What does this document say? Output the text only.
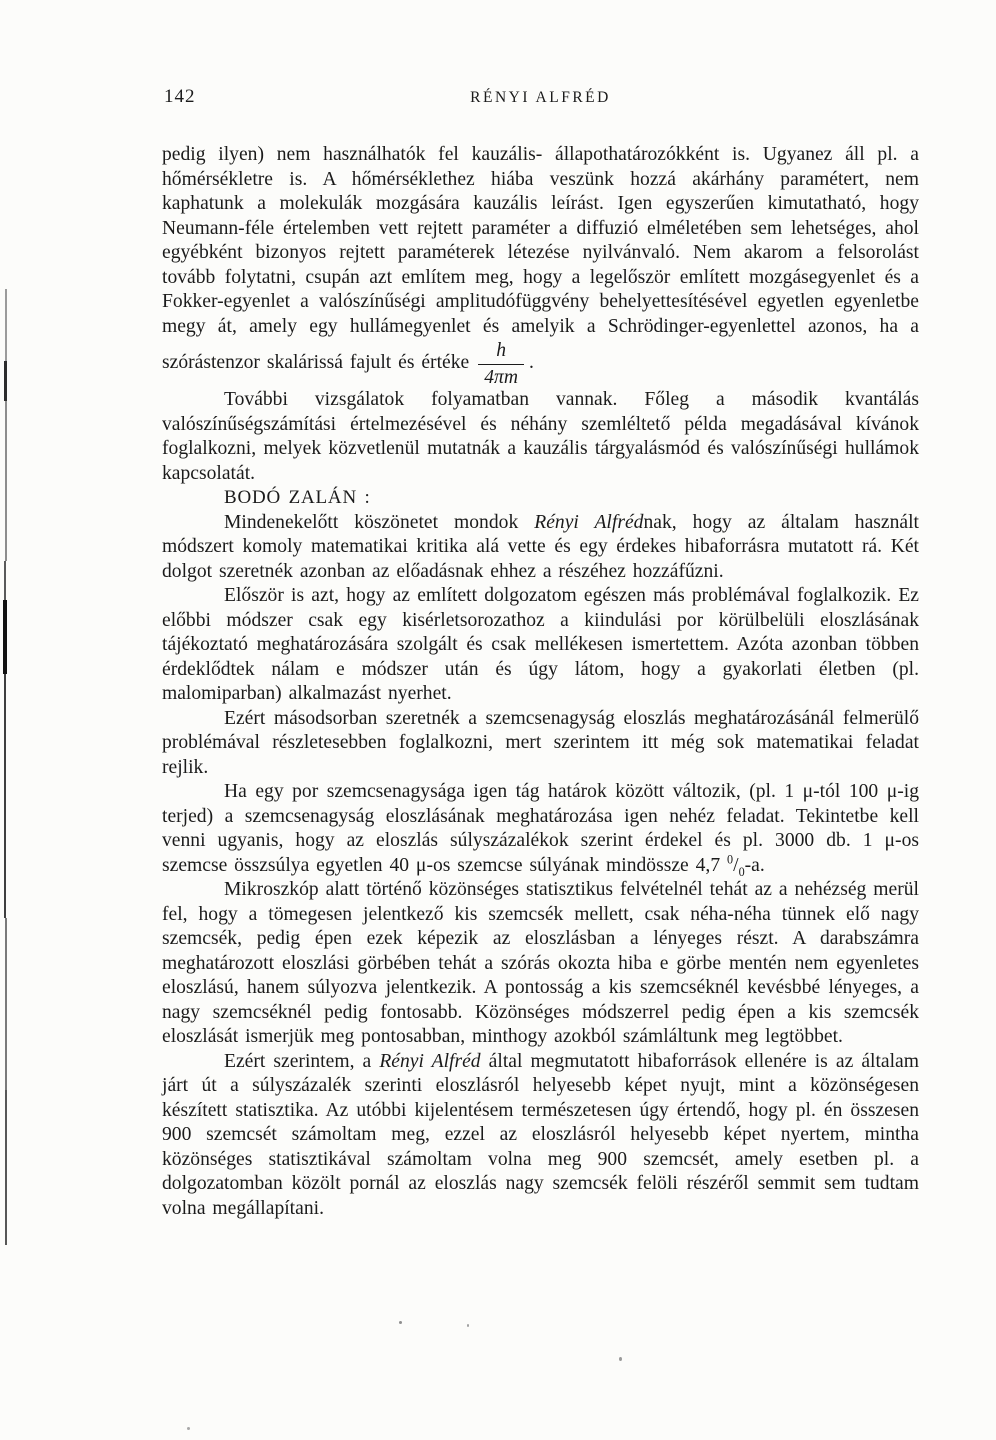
142	RÉNYI ALFRÉD

pedig ilyen) nem használhatók fel kauzális- állapothatározókként is. Ugyanez áll pl. a hőmérsékletre is. A hőmérséklethez hiába veszünk hozzá akárhány paramétert, nem kaphatunk a molekulák mozgására kauzális leírást. Igen egyszerűen kimutatható, hogy Neumann-féle értelemben vett rejtett paraméter a diffuzió elméletében sem lehetséges, ahol egyébként bizonyos rejtett paraméterek létezése nyilvánvaló. Nem akarom a felsorolást tovább folytatni, csupán azt említem meg, hogy a legelőször említett mozgásegyenlet és a Fokker-egyenlet a valószínűségi amplitudófüggvény behelyettesítésével egyetlen egyenletbe megy át, amely egy hullámegyenlet és amelyik a Schrödinger-egyenlettel azonos, ha a szórástenzor skalárissá fajult és értéke $\frac{h}{4\pi m}$ .

További vizsgálatok folyamatban vannak. Főleg a második kvantálás valószínűségszámítási értelmezésével és néhány szemléltető példa megadásával kívánok foglalkozni, melyek közvetlenül mutatnák a kauzális tárgyalásmód és valószínűségi hullámok kapcsolatát.

BODÓ ZALÁN :

Mindenekelőtt köszönetet mondok Rényi Alfrédnak, hogy az általam használt módszert komoly matematikai kritika alá vette és egy érdekes hibaforrásra mutatott rá. Két dolgot szeretnék azonban az előadásnak ehhez a részéhez hozzáfűzni.

Először is azt, hogy az említett dolgozatom egészen más problémával foglalkozik. Ez előbbi módszer csak egy kisérletsorozathoz a kiindulási por körülbelüli eloszlásának tájékoztató meghatározására szolgált és csak mellékesen ismertettem. Azóta azonban többen érdeklődtek nálam e módszer után és úgy látom, hogy a gyakorlati életben (pl. malomiparban) alkalmazást nyerhet.

Ezért másodsorban szeretnék a szemcsenagyság eloszlás meghatározásánál felmerülő problémával részletesebben foglalkozni, mert szerintem itt még sok matematikai feladat rejlik.

Ha egy por szemcsenagysága igen tág határok között változik, (pl. 1 μ-tól 100 μ-ig terjed) a szemcsenagyság eloszlásának meghatározása igen nehéz feladat. Tekintetbe kell venni ugyanis, hogy az eloszlás súlyszázalékok szerint érdekel és pl. 3000 db. 1 μ-os szemcse összsúlya egyetlen 40 μ-os szemcse súlyának mindössze 4,7 $^0/_0-a$.

Mikroszkóp alatt történő közönséges statisztikus felvételnél tehát az a nehézség merül fel, hogy a tömegesen jelentkező kis szemcsék mellett, csak néha-néha tünnek elő nagy szemcsék, pedig épen ezek képezik az eloszlásban a lényeges részt. A darabszámra meghatározott eloszlási görbében tehát a szórás okozta hiba e görbe mentén nem egyenletes eloszlású, hanem súlyozva jelentkezik. A pontosság a kis szemcséknél kevésbbé lényeges, a nagy szemcséknél pedig fontosabb. Közönséges módszerrel pedig épen a kis szemcsék eloszlását ismerjük meg pontosabban, minthogy azokból számláltunk meg legtöbbet.

Ezért szerintem, a Rényi Alfréd által megmutatott hibaforrások ellenére is az általam járt út a súlyszázalék szerinti eloszlásról helyesebb képet nyujt, mint a közönségesen készített statisztika. Az utóbbi kijelentésem természetesen úgy értendő, hogy pl. én összesen 900 szemcsét számoltam meg, ezzel az eloszlásról helyesebb képet nyertem, mintha közönséges statisztikával számoltam volna meg 900 szemcsét, amely esetben pl. a dolgozatomban közölt pornál az eloszlás nagy szemcsék felöli részéről semmit sem tudtam volna megállapítani.
